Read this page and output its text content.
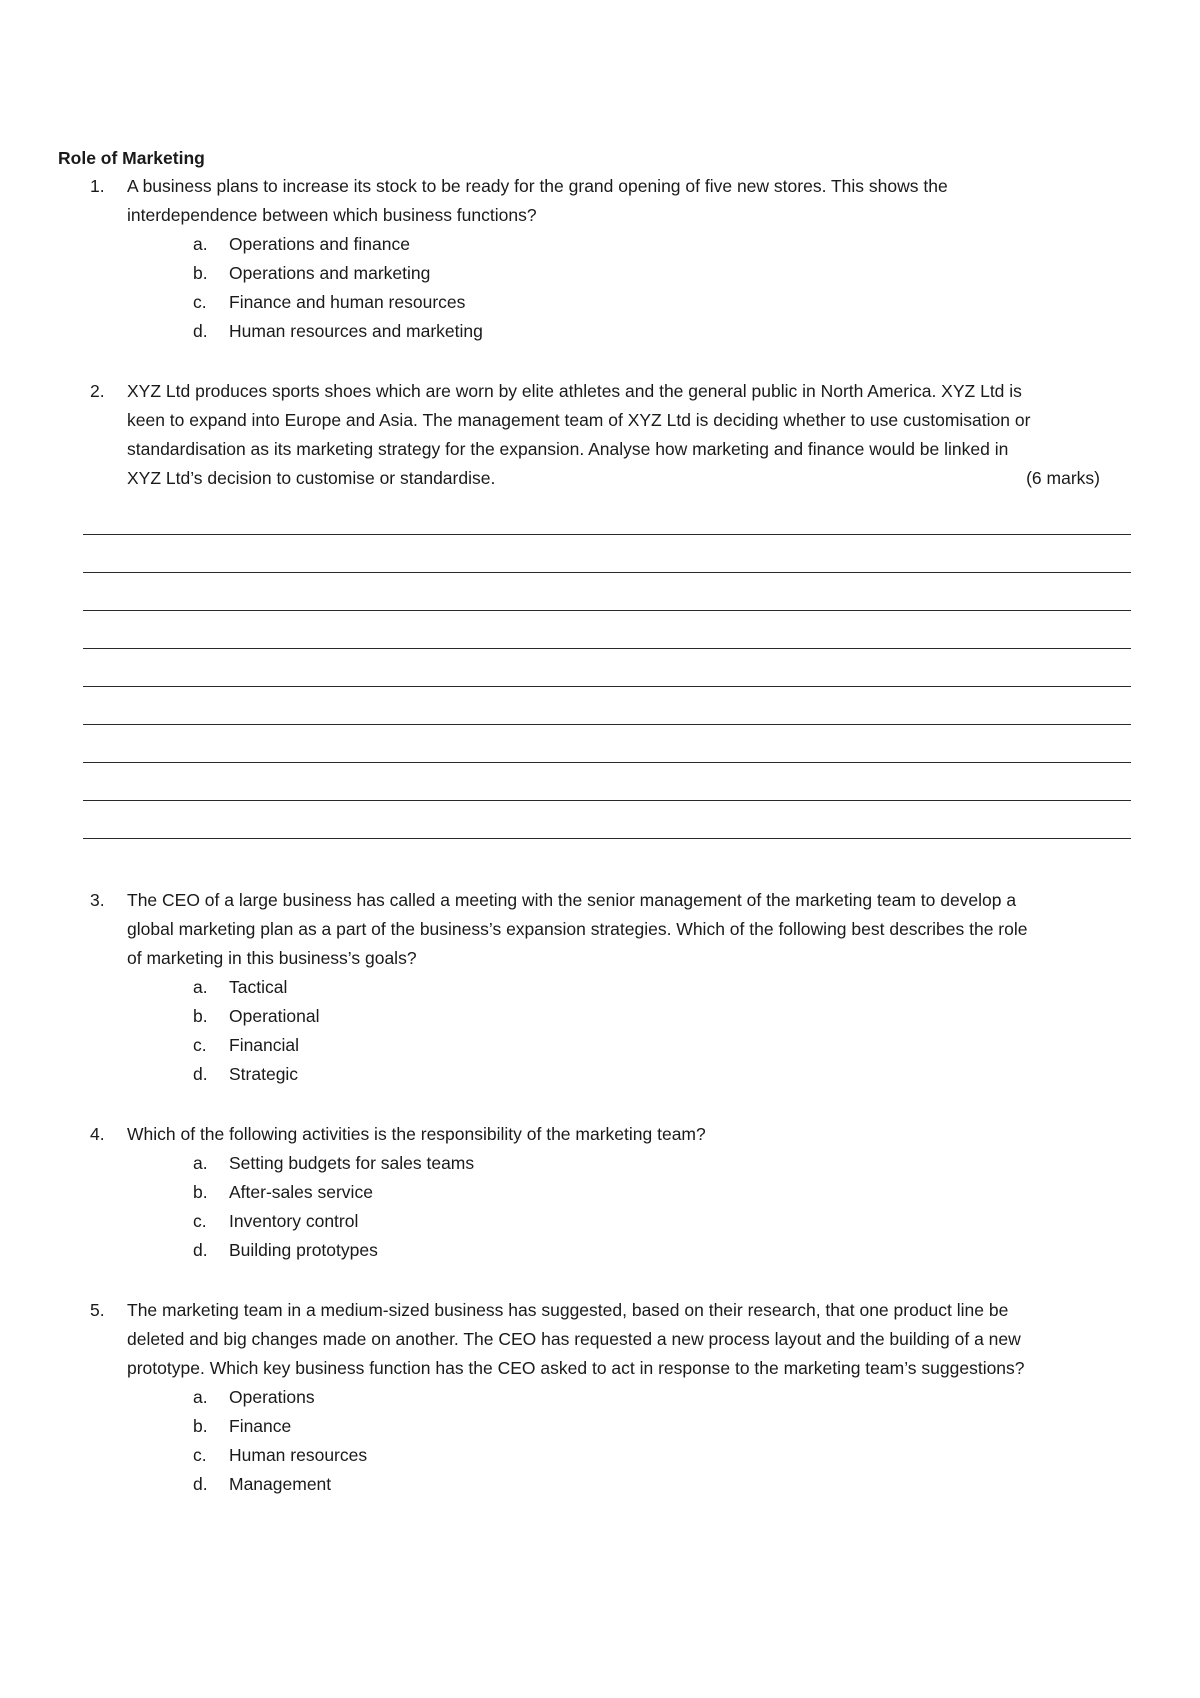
Role of Marketing
1. A business plans to increase its stock to be ready for the grand opening of five new stores. This shows the
interdependence between which business functions?
a. Operations and finance
b. Operations and marketing
c. Finance and human resources
d. Human resources and marketing
2. XYZ Ltd produces sports shoes which are worn by elite athletes and the general public in North America. XYZ Ltd is
keen to expand into Europe and Asia. The management team of XYZ Ltd is deciding whether to use customisation or
standardisation as its marketing strategy for the expansion. Analyse how marketing and finance would be linked in
XYZ Ltd’s decision to customise or standardise.	(6 marks)
3. The CEO of a large business has called a meeting with the senior management of the marketing team to develop a
global marketing plan as a part of the business’s expansion strategies. Which of the following best describes the role
of marketing in this business’s goals?
a. Tactical
b. Operational
c. Financial
d. Strategic
4. Which of the following activities is the responsibility of the marketing team?
a. Setting budgets for sales teams
b. After-sales service
c. Inventory control
d. Building prototypes
5. The marketing team in a medium-sized business has suggested, based on their research, that one product line be
deleted and big changes made on another. The CEO has requested a new process layout and the building of a new
prototype. Which key business function has the CEO asked to act in response to the marketing team’s suggestions?
a. Operations
b. Finance
c. Human resources
d. Management
